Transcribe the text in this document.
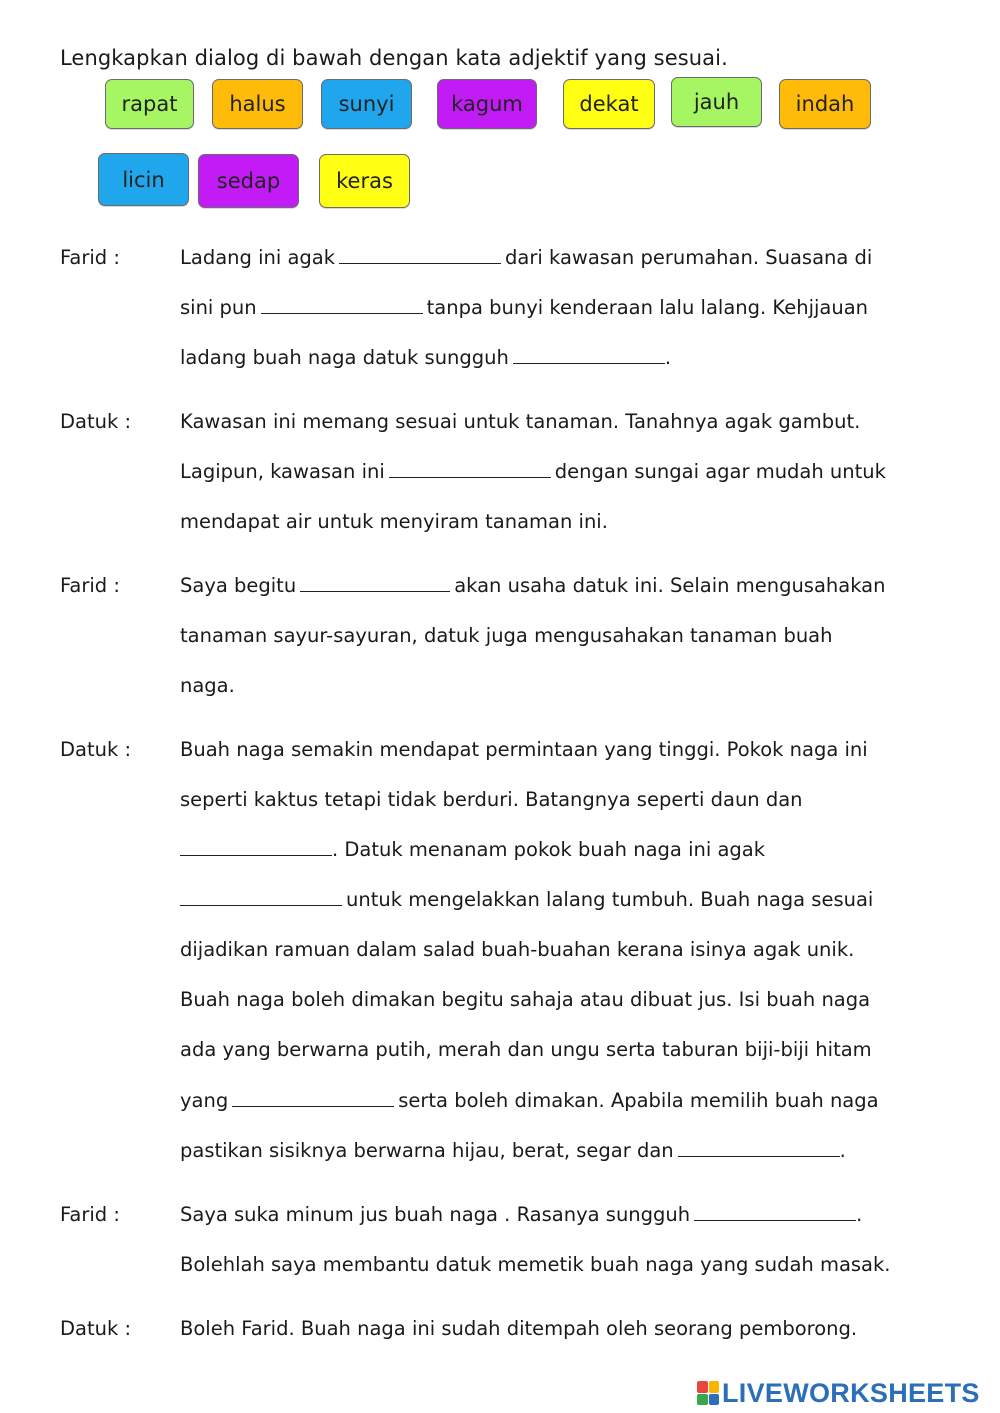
Lengkapkan dialog di bawah dengan kata adjektif yang sesuai.
rapat	halus	sunyi	kagum	dekat	jauh	indah
licin	sedap	keras
Farid :	Ladang ini agak	dari kawasan perumahan. Suasana di
sini pun	tanpa bunyi kenderaan lalu lalang. Kehjjauan
ladang buah naga datuk sungguh	.
Datuk :	Kawasan ini memang sesuai untuk tanaman. Tanahnya agak gambut.
Lagipun, kawasan ini	dengan sungai agar mudah untuk
mendapat air untuk menyiram tanaman ini.
Farid :	Saya begitu	akan usaha datuk ini. Selain mengusahakan
tanaman sayur-sayuran, datuk juga mengusahakan tanaman buah
naga.
Datuk :	Buah naga semakin mendapat permintaan yang tinggi. Pokok naga ini
seperti kaktus tetapi tidak berduri. Batangnya seperti daun dan
. Datuk menanam pokok buah naga ini agak
untuk mengelakkan lalang tumbuh. Buah naga sesuai
dijadikan ramuan dalam salad buah-buahan kerana isinya agak unik.
Buah naga boleh dimakan begitu sahaja atau dibuat jus. Isi buah naga
ada yang berwarna putih, merah dan ungu serta taburan biji-biji hitam
yang	serta boleh dimakan. Apabila memilih buah naga
pastikan sisiknya berwarna hijau, berat, segar dan	.
Farid :	Saya suka minum jus buah naga . Rasanya sungguh	.
Bolehlah saya membantu datuk memetik buah naga yang sudah masak.
Datuk :	Boleh Farid. Buah naga ini sudah ditempah oleh seorang pemborong.
LIVEWORKSHEETS
